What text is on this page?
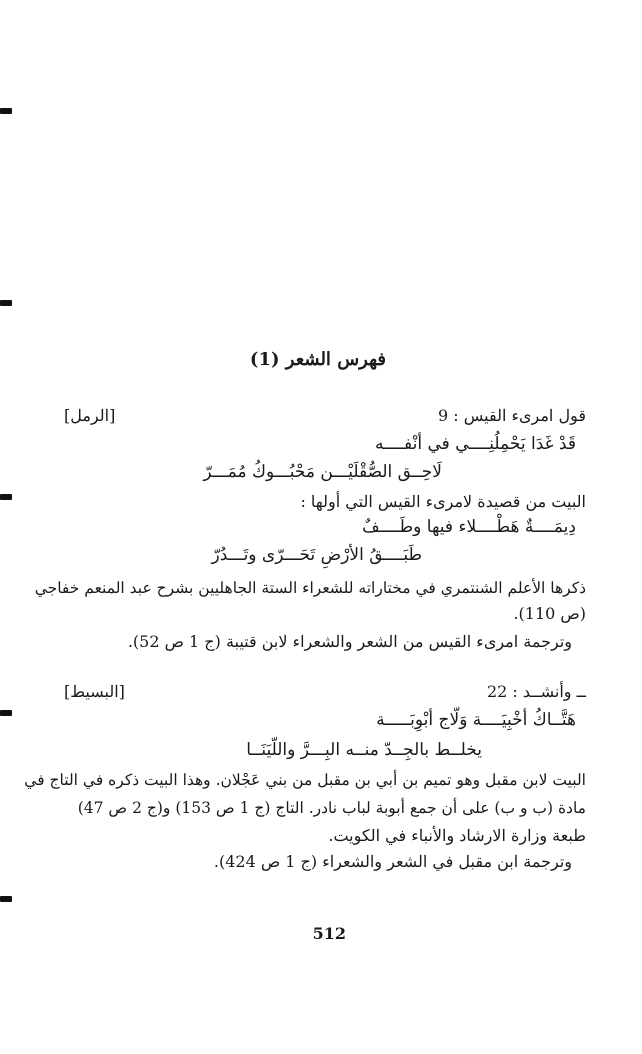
فهرس الشعر (1)
قول امرىء القيس : 9
[الرمل]
قَدْ غَدَا يَحْمِلُنِــــي في أنْفــــه
لَاحِــق الصُّقْلَيْـــن مَحْبُـــوكُ مُمَـــرّ
البيت من قصيدة لامرىء القيس التي أولها :
دِيمَــــةٌ هَطْــــلاء فيها وطَــــفٌ
طَبَــــقُ الأرْضِ تَحَـــرّى وتَـــدُرّ
ذكرها الأعلم الشنتمري في مختاراته للشعراء الستة الجاهليين بشرح عبد المنعم خفاجي
(ص 110).
وترجمة امرىء القيس من الشعر والشعراء لابن قتيبة (ج 1 ص 52).
ــ وأنشــد : 22
[البسيط]
هَتَّــاكُ أخْبِيَــــة وَلّاج أبْوِبَـــــة
يخلــط بالجِــدّ منــه البِـــرَّ واللّيَنَــا
البيت لابن مقبل وهو تميم بن أبي بن مقبل من بني عَجْلان. وهذا البيت ذكره في التاج في
مادة (ب و ب) على أن جمع أبوبة لباب نادر. التاج (ج 1 ص 153) و(ج 2 ص 47)
طبعة وزارة الارشاد والأنباء في الكويت.
وترجمة ابن مقبل في الشعر والشعراء (ج 1 ص 424).
512
